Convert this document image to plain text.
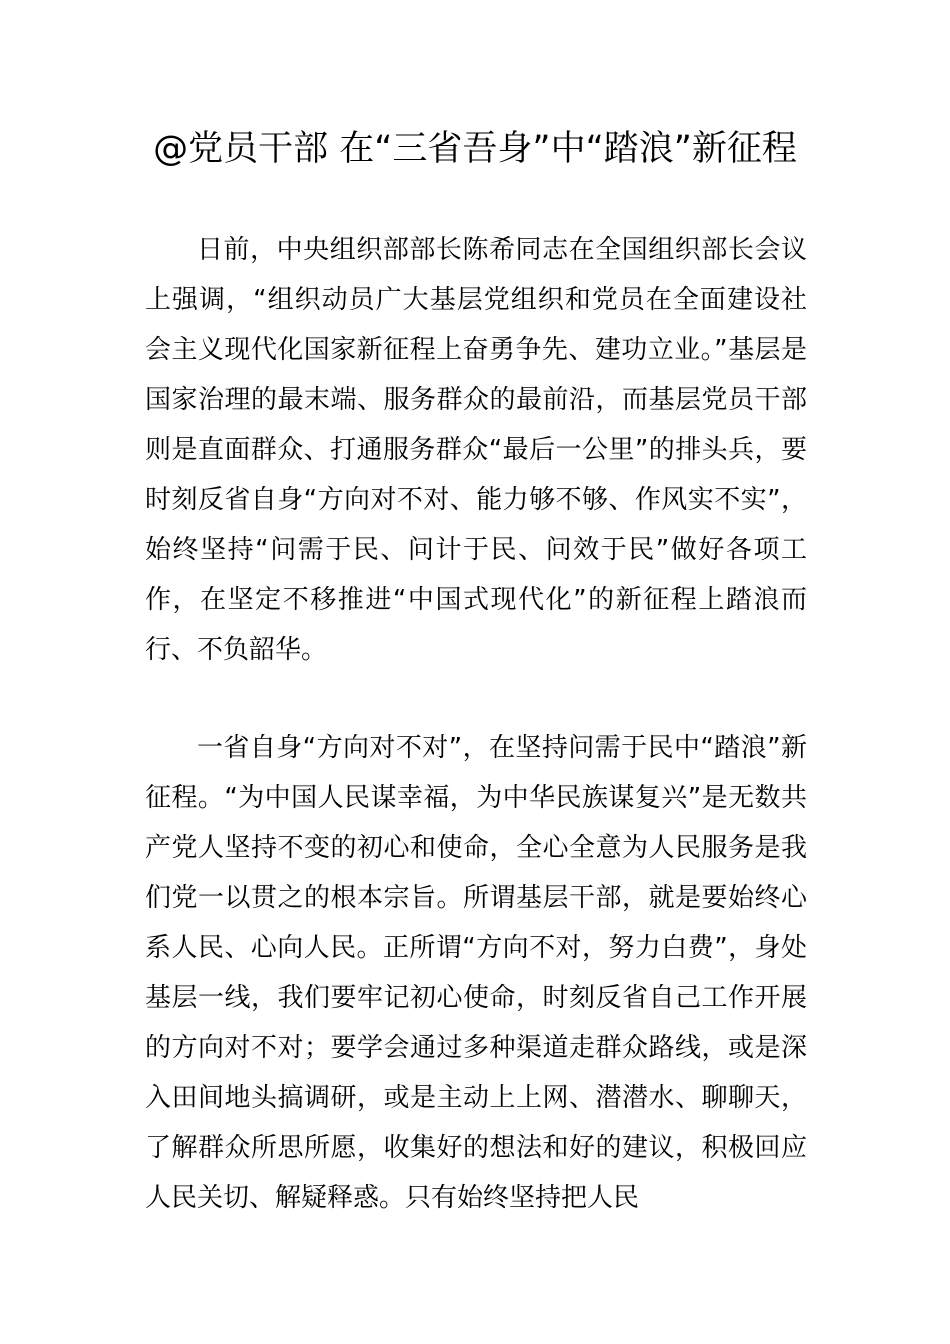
@党员干部 在“三省吾身”中“踏浪”新征程

日前，中央组织部部长陈希同志在全国组织部长会议上强调，“组织动员广大基层党组织和党员在全面建设社会主义现代化国家新征程上奋勇争先、建功立业。”基层是国家治理的最末端、服务群众的最前沿，而基层党员干部则是直面群众、打通服务群众“最后一公里”的排头兵，要时刻反省自身“方向对不对、能力够不够、作风实不实”，始终坚持“问需于民、问计于民、问效于民”做好各项工作，在坚定不移推进“中国式现代化”的新征程上踏浪而行、不负韶华。

一省自身“方向对不对”，在坚持问需于民中“踏浪”新征程。“为中国人民谋幸福，为中华民族谋复兴”是无数共产党人坚持不变的初心和使命，全心全意为人民服务是我们党一以贯之的根本宗旨。所谓基层干部，就是要始终心系人民、心向人民。正所谓“方向不对，努力白费”，身处基层一线，我们要牢记初心使命，时刻反省自己工作开展的方向对不对；要学会通过多种渠道走群众路线，或是深入田间地头搞调研，或是主动上上网、潜潜水、聊聊天，了解群众所思所愿，收集好的想法和好的建议，积极回应人民关切、解疑释惑。只有始终坚持把人民
